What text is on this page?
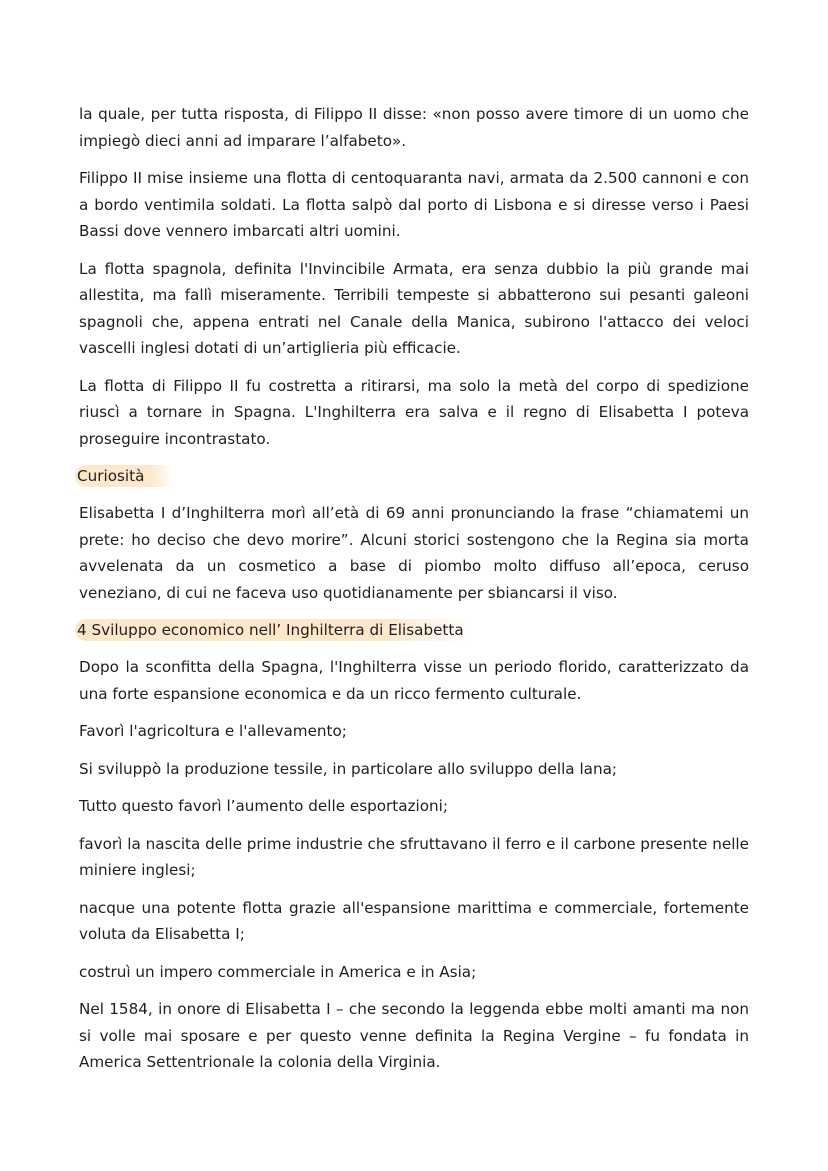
la quale, per tutta risposta, di Filippo II disse: «non posso avere timore di un uomo che impiegò dieci anni ad imparare l’alfabeto».

Filippo II mise insieme una flotta di centoquaranta navi, armata da 2.500 cannoni e con a bordo ventimila soldati. La flotta salpò dal porto di Lisbona e si diresse verso i Paesi Bassi dove vennero imbarcati altri uomini.

La flotta spagnola, definita l'Invincibile Armata, era senza dubbio la più grande mai allestita, ma fallì miseramente. Terribili tempeste si abbatterono sui pesanti galeoni spagnoli che, appena entrati nel Canale della Manica, subirono l'attacco dei veloci vascelli inglesi dotati di un’artiglieria più efficacie.

La flotta di Filippo II fu costretta a ritirarsi, ma solo la metà del corpo di spedizione riuscì a tornare in Spagna. L'Inghilterra era salva e il regno di Elisabetta I poteva proseguire incontrastato.

Curiosità

Elisabetta I d’Inghilterra morì all’età di 69 anni pronunciando la frase “chiamatemi un prete: ho deciso che devo morire”. Alcuni storici sostengono che la Regina sia morta avvelenata da un cosmetico a base di piombo molto diffuso all’epoca, ceruso veneziano, di cui ne faceva uso quotidianamente per sbiancarsi il viso.

4 Sviluppo economico nell’ Inghilterra di Elisabetta

Dopo la sconfitta della Spagna, l'Inghilterra visse un periodo florido, caratterizzato da una forte espansione economica e da un ricco fermento culturale.

Favorì l'agricoltura e l'allevamento;

Si sviluppò la produzione tessile, in particolare allo sviluppo della lana;

Tutto questo favorì l’aumento delle esportazioni;

favorì la nascita delle prime industrie che sfruttavano il ferro e il carbone presente nelle miniere inglesi;

nacque una potente flotta grazie all'espansione marittima e commerciale, fortemente voluta da Elisabetta I;

costruì un impero commerciale in America e in Asia;

Nel 1584, in onore di Elisabetta I – che secondo la leggenda ebbe molti amanti ma non si volle mai sposare e per questo venne definita la Regina Vergine – fu fondata in America Settentrionale la colonia della Virginia.
